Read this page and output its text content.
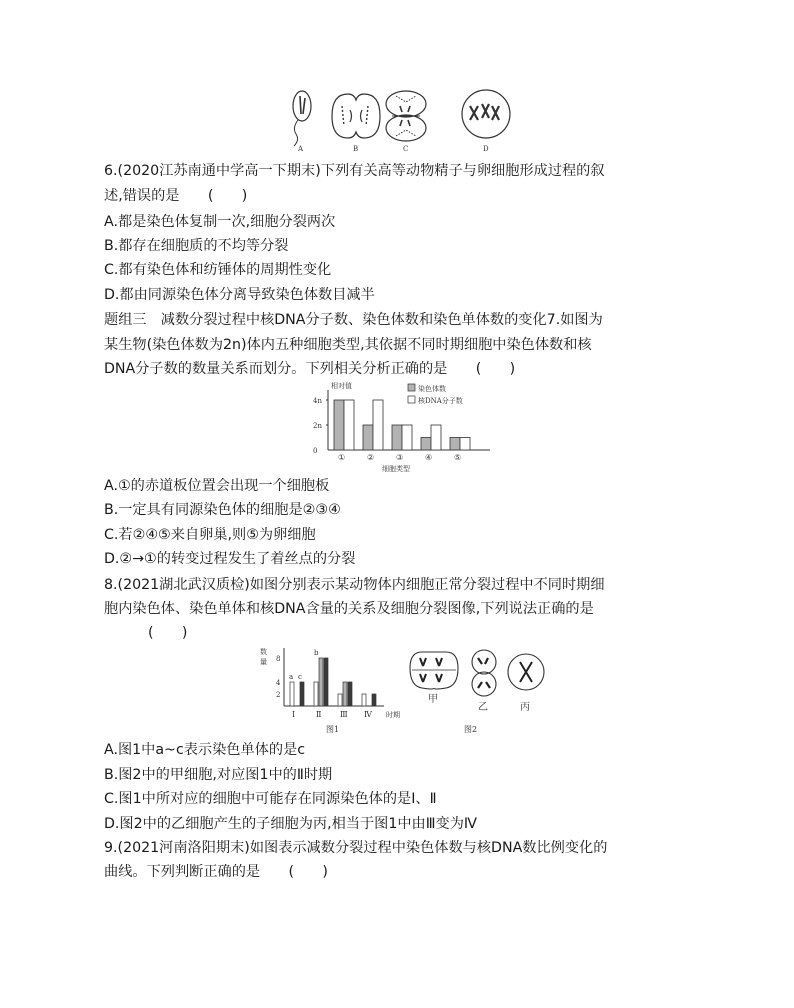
A	B	C	D
6.(2020江苏南通中学高一下期末)下列有关高等动物精子与卵细胞形成过程的叙
述,错误的是　　(　　)
A.都是染色体复制一次,细胞分裂两次
B.都存在细胞质的不均等分裂
C.都有染色体和纺锤体的周期性变化
D.都由同源染色体分离导致染色体数目减半
题组三　减数分裂过程中核DNA分子数、染色体数和染色单体数的变化7.如图为
某生物(染色体数为2n)体内五种细胞类型,其依据不同时期细胞中染色体数和核
DNA分子数的数量关系而划分。下列相关分析正确的是　　(　　)
相对值
4n
2n
0
①	②	③	④	⑤
细胞类型
染色体数
核DNA分子数
A.①的赤道板位置会出现一个细胞板
B.一定具有同源染色体的细胞是②③④
C.若②④⑤来自卵巢,则⑤为卵细胞
D.②→①的转变过程发生了着丝点的分裂
8.(2021湖北武汉质检)如图分别表示某动物体内细胞正常分裂过程中不同时期细
胞内染色体、染色单体和核DNA含量的关系及细胞分裂图像,下列说法正确的是
(　　)
数
量 8
4
2
Ⅰ	Ⅱ Ⅲ Ⅳ
a c
b
时期
图1
甲
乙	丙
图2
A.图1中a~c表示染色单体的是c
B.图2中的甲细胞,对应图1中的Ⅱ时期
C.图1中所对应的细胞中可能存在同源染色体的是Ⅰ、Ⅱ
D.图2中的乙细胞产生的子细胞为丙,相当于图1中由Ⅲ变为Ⅳ
9.(2021河南洛阳期末)如图表示减数分裂过程中染色体数与核DNA数比例变化的
曲线。下列判断正确的是　　(　　)
